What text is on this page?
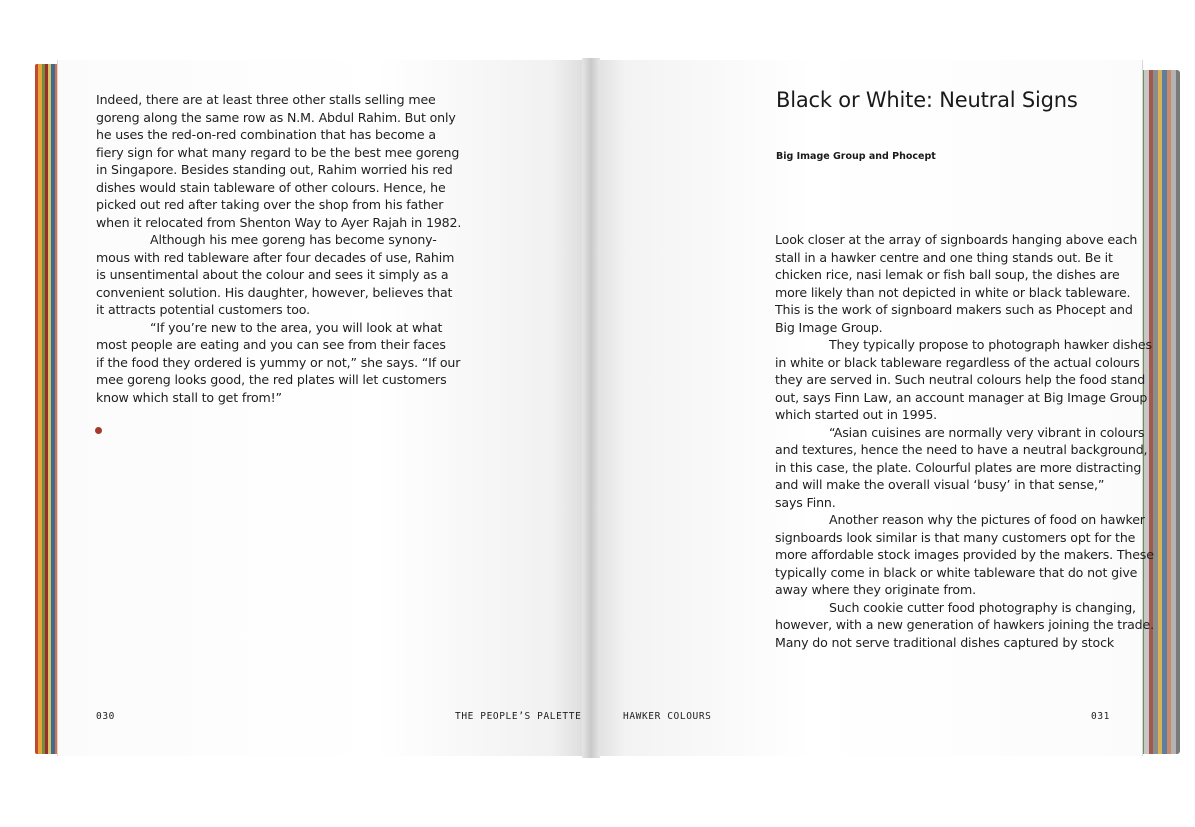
Indeed, there are at least three other stalls selling mee
goreng along the same row as N.M. Abdul Rahim. But only
he uses the red-on-red combination that has become a
fiery sign for what many regard to be the best mee goreng
in Singapore. Besides standing out, Rahim worried his red
dishes would stain tableware of other colours. Hence, he
picked out red after taking over the shop from his father
when it relocated from Shenton Way to Ayer Rajah in 1982.

Although his mee goreng has become synony-
mous with red tableware after four decades of use, Rahim
is unsentimental about the colour and sees it simply as a
convenient solution. His daughter, however, believes that
it attracts potential customers too.

“If you’re new to the area, you will look at what
most people are eating and you can see from their faces
if the food they ordered is yummy or not,” she says. “If our
mee goreng looks good, the red plates will let customers
know which stall to get from!”

Black or White: Neutral Signs
Big Image Group and Phocept

Look closer at the array of signboards hanging above each
stall in a hawker centre and one thing stands out. Be it
chicken rice, nasi lemak or fish ball soup, the dishes are
more likely than not depicted in white or black tableware.
This is the work of signboard makers such as Phocept and
Big Image Group.

They typically propose to photograph hawker dishes
in white or black tableware regardless of the actual colours
they are served in. Such neutral colours help the food stand
out, says Finn Law, an account manager at Big Image Group
which started out in 1995.

“Asian cuisines are normally very vibrant in colours
and textures, hence the need to have a neutral background,
in this case, the plate. Colourful plates are more distracting
and will make the overall visual ‘busy’ in that sense,”
says Finn.

Another reason why the pictures of food on hawker
signboards look similar is that many customers opt for the
more affordable stock images provided by the makers. These
typically come in black or white tableware that do not give
away where they originate from.

Such cookie cutter food photography is changing,
however, with a new generation of hawkers joining the trade.
Many do not serve traditional dishes captured by stock

030	THE PEOPLE’S PALETTE	HAWKER COLOURS	031
